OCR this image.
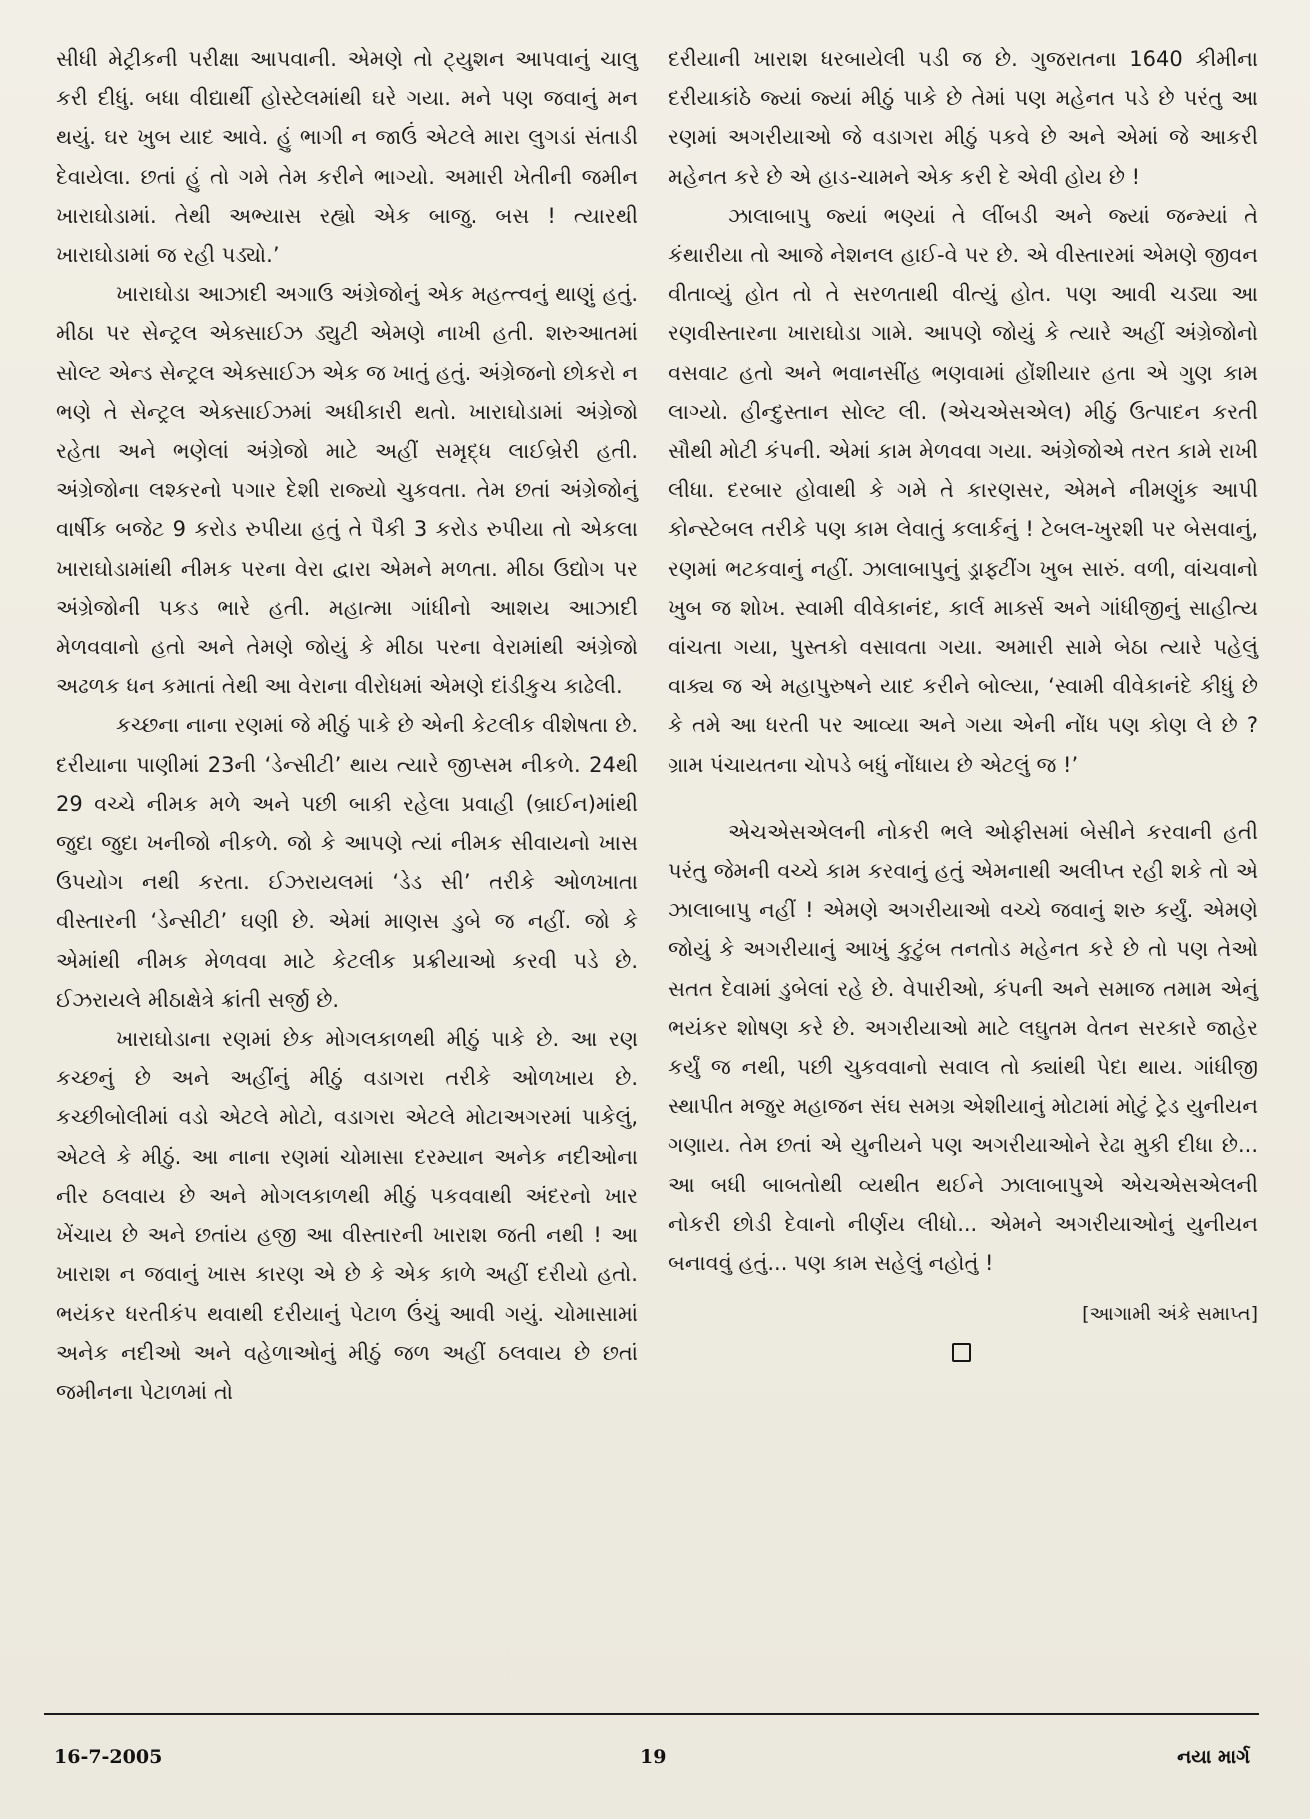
સીધી મેટ્રીકની પરીક્ષા આપવાની. એમણે તો ટ્યુશન આપવાનું ચાલુ કરી દીધું. બધા વીદ્યાર્થી હોસ્ટેલમાંથી ઘરે ગયા. મને પણ જવાનું મન થયું. ઘર ખુબ યાદ આવે. હું ભાગી ન જાઉં એટલે મારા લુગડાં સંતાડી દેવાયેલા. છતાં હું તો ગમે તેમ કરીને ભાગ્યો. અમારી ખેતીની જમીન ખારાઘોડામાં. તેથી અભ્યાસ રહ્યો એક બાજુ. બસ ! ત્યારથી ખારાઘોડામાં જ રહી પડ્યો.’

ખારાઘોડા આઝાદી અગાઉ અંગ્રેજોનું એક મહત્ત્વનું થાણું હતું. મીઠા પર સેન્ટ્રલ એક્સાઈઝ ડ્યુટી એમણે નાખી હતી. શરુઆતમાં સોલ્ટ એન્ડ સેન્ટ્રલ એક્સાઈઝ એક જ ખાતું હતું. અંગ્રેજનો છોકરો ન ભણે તે સેન્ટ્રલ એક્સાઈઝમાં અધીકારી થતો. ખારાઘોડામાં અંગ્રેજો રહેતા અને ભણેલાં અંગ્રેજો માટે અહીં સમૃદ્ધ લાઈબ્રેરી હતી. અંગ્રેજોના લશ્કરનો પગાર દેશી રાજ્યો ચુકવતા. તેમ છતાં અંગ્રેજોનું વાર્ષીક બજેટ 9 કરોડ રુપીયા હતું તે પૈકી 3 કરોડ રુપીયા તો એકલા ખારાઘોડામાંથી નીમક પરના વેરા દ્વારા એમને મળતા. મીઠા ઉદ્યોગ પર અંગ્રેજોની પકડ ભારે હતી. મહાત્મા ગાંધીનો આશય આઝાદી મેળવવાનો હતો અને તેમણે જોયું કે મીઠા પરના વેરામાંથી અંગ્રેજો અઢળક ધન કમાતાં તેથી આ વેરાના વીરોધમાં એમણે દાંડીકુચ કાઢેલી.

કચ્છના નાના રણમાં જે મીઠું પાકે છે એની કેટલીક વીશેષતા છે. દરીયાના પાણીમાં 23ની ‘ડેન્સીટી’ થાય ત્યારે જીપ્સમ નીકળે. 24થી 29 વચ્ચે નીમક મળે અને પછી બાકી રહેલા પ્રવાહી (બ્રાઈન)માંથી જુદા જુદા ખનીજો નીકળે. જો કે આપણે ત્યાં નીમક સીવાયનો ખાસ ઉપયોગ નથી કરતા. ઈઝરાયલમાં ‘ડેડ સી’ તરીકે ઓળખાતા વીસ્તારની ‘ડેન્સીટી’ ઘણી છે. એમાં માણસ ડુબે જ નહીં. જો કે એમાંથી નીમક મેળવવા માટે કેટલીક પ્રક્રીયાઓ કરવી પડે છે. ઈઝરાયલે મીઠાક્ષેત્રે ક્રાંતી સર્જી છે.

ખારાઘોડાના રણમાં છેક મોગલકાળથી મીઠું પાકે છે. આ રણ કચ્છનું છે અને અહીંનું મીઠું વડાગરા તરીકે ઓળખાય છે. કચ્છીબોલીમાં વડો એટલે મોટો, વડાગરા એટલે મોટાઅગરમાં પાકેલું, એટલે કે મીઠું. આ નાના રણમાં ચોમાસા દરમ્યાન અનેક નદીઓના નીર ઠલવાય છે અને મોગલકાળથી મીઠું પકવવાથી અંદરનો ખાર ખેંચાય છે અને છતાંય હજી આ વીસ્તારની ખારાશ જતી નથી ! આ ખારાશ ન જવાનું ખાસ કારણ એ છે કે એક કાળે અહીં દરીયો હતો. ભયંકર ધરતીકંપ થવાથી દરીયાનું પેટાળ ઉંચું આવી ગયું. ચોમાસામાં અનેક નદીઓ અને વહેળાઓનું મીઠું જળ અહીં ઠલવાય છે છતાં જમીનના પેટાળમાં તો

દરીયાની ખારાશ ધરબાયેલી પડી જ છે. ગુજરાતના 1640 કીમીના દરીયાકાંઠે જ્યાં જ્યાં મીઠું પાકે છે તેમાં પણ મહેનત પડે છે પરંતુ આ રણમાં અગરીયાઓ જે વડાગરા મીઠું પકવે છે અને એમાં જે આકરી મહેનત કરે છે એ હાડ-ચામને એક કરી દે એવી હોય છે !

ઝાલાબાપુ જ્યાં ભણ્યાં તે લીંબડી અને જ્યાં જન્મ્યાં તે કંથારીયા તો આજે નેશનલ હાઈ-વે પર છે. એ વીસ્તારમાં એમણે જીવન વીતાવ્યું હોત તો તે સરળતાથી વીત્યું હોત. પણ આવી ચડ્યા આ રણવીસ્તારના ખારાઘોડા ગામે. આપણે જોયું કે ત્યારે અહીં અંગ્રેજોનો વસવાટ હતો અને ભવાનસીંહ ભણવામાં હોંશીયાર હતા એ ગુણ કામ લાગ્યો. હીન્દુસ્તાન સોલ્ટ લી. (એચએસએલ) મીઠું ઉત્પાદન કરતી સૌથી મોટી કંપની. એમાં કામ મેળવવા ગયા. અંગ્રેજોએ તરત કામે રાખી લીધા. દરબાર હોવાથી કે ગમે તે કારણસર, એમને નીમણુંક આપી કોન્સ્ટેબલ તરીકે પણ કામ લેવાતું કલાર્કનું ! ટેબલ-ખુરશી પર બેસવાનું, રણમાં ભટકવાનું નહીં. ઝાલાબાપુનું ડ્રાફ્ટીંગ ખુબ સારું. વળી, વાંચવાનો ખુબ જ શોખ. સ્વામી વીવેકાનંદ, કાર્લ માર્ક્સ અને ગાંધીજીનું સાહીત્ય વાંચતા ગયા, પુસ્તકો વસાવતા ગયા. અમારી સામે બેઠા ત્યારે પહેલું વાક્ય જ એ મહાપુરુષને યાદ કરીને બોલ્યા, ‘સ્વામી વીવેકાનંદે કીધું છે કે તમે આ ધરતી પર આવ્યા અને ગયા એની નોંધ પણ કોણ લે છે ? ગ્રામ પંચાયતના ચોપડે બધું નોંધાય છે એટલું જ !’

એચએસએલની નોકરી ભલે ઓફીસમાં બેસીને કરવાની હતી પરંતુ જેમની વચ્ચે કામ કરવાનું હતું એમનાથી અલીપ્ત રહી શકે તો એ ઝાલાબાપુ નહીં ! એમણે અગરીયાઓ વચ્ચે જવાનું શરુ કર્યું. એમણે જોયું કે અગરીયાનું આખું કુટુંબ તનતોડ મહેનત કરે છે તો પણ તેઓ સતત દેવામાં ડુબેલાં રહે છે. વેપારીઓ, કંપની અને સમાજ તમામ એનું ભયંકર શોષણ કરે છે. અગરીયાઓ માટે લઘુતમ વેતન સરકારે જાહેર કર્યું જ નથી, પછી ચુકવવાનો સવાલ તો ક્યાંથી પેદા થાય. ગાંધીજી સ્થાપીત મજુર મહાજન સંઘ સમગ્ર એશીયાનું મોટામાં મોટું ટ્રેડ યુનીયન ગણાય. તેમ છતાં એ યુનીયને પણ અગરીયાઓને રેઢા મુકી દીધા છે... આ બધી બાબતોથી વ્યથીત થઈને ઝાલાબાપુએ એચએસએલની નોકરી છોડી દેવાનો નીર્ણય લીધો... એમને અગરીયાઓનું યુનીયન બનાવવું હતું... પણ કામ સહેલું નહોતું !

[આગામી અંકે સમાપ્ત]

16-7-2005	19	નયા માર્ગ
